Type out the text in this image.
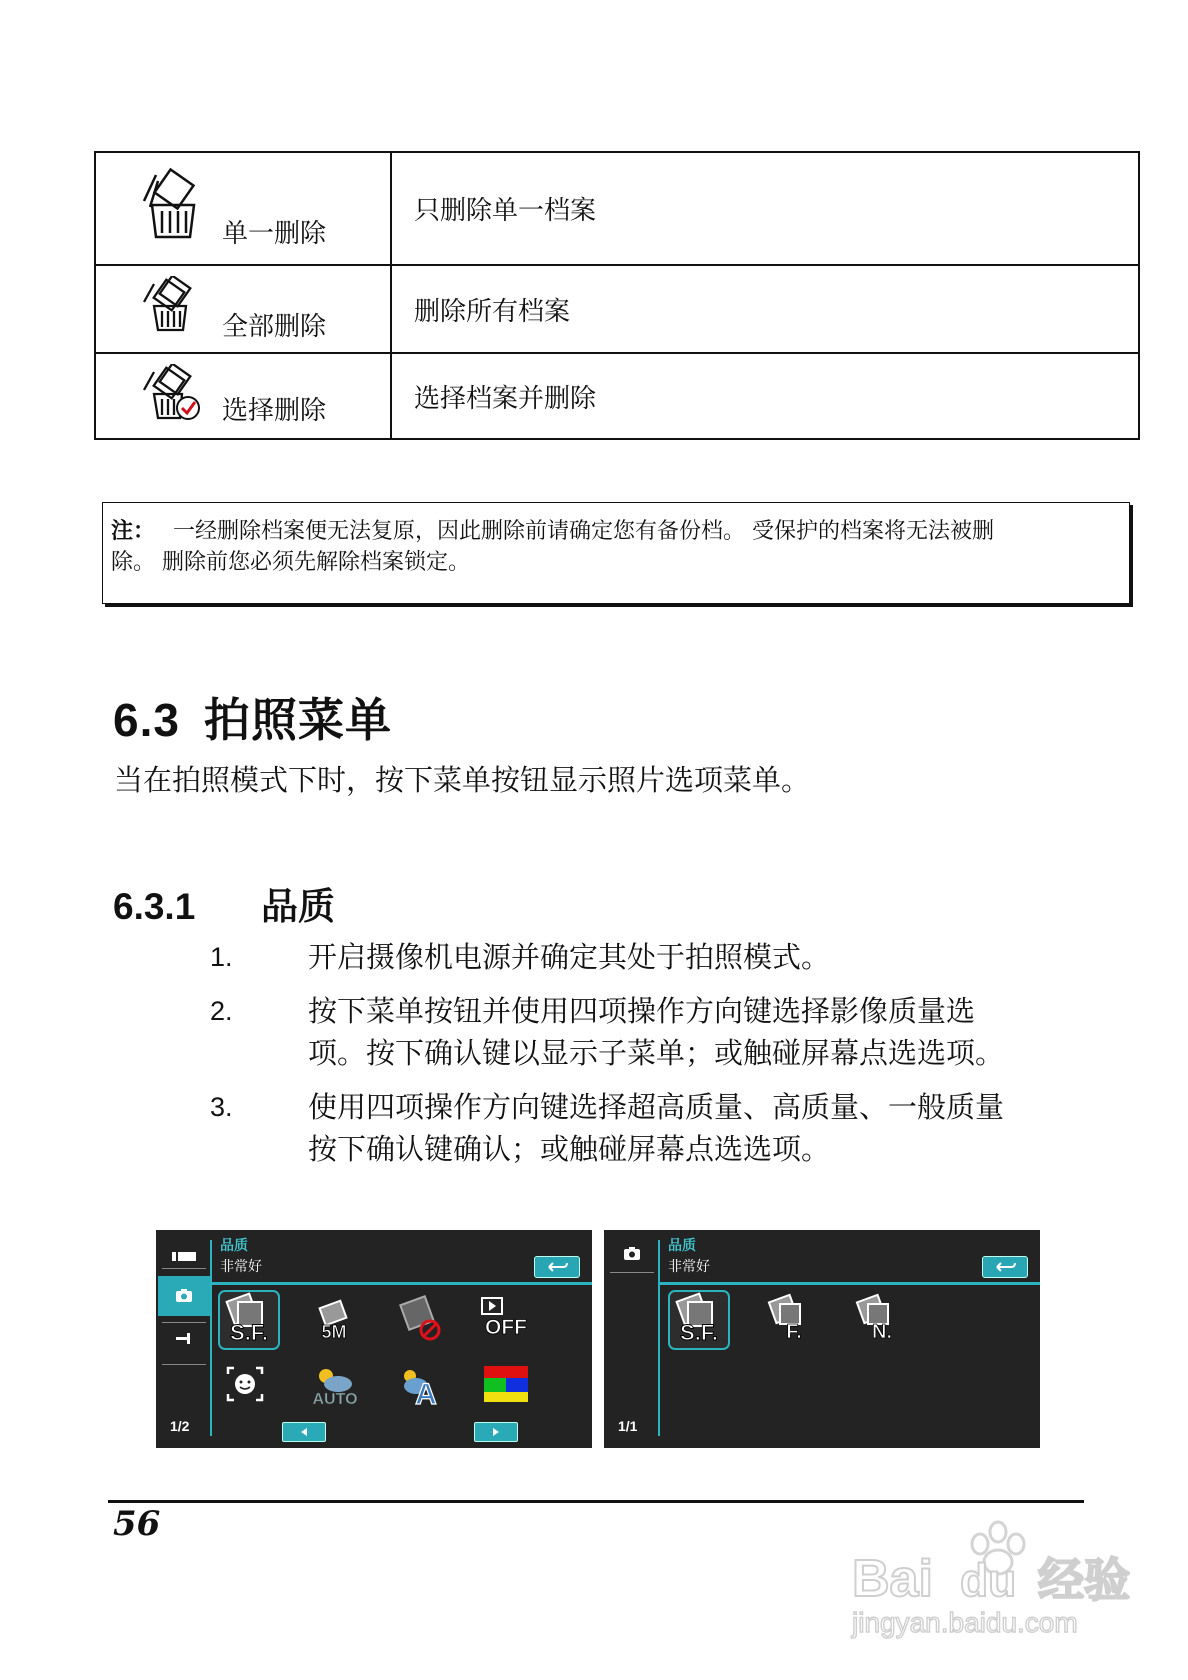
单一删除	只删除单一档案

全部删除	删除所有档案

选择删除	选择档案并删除
注： 一经删除档案便无法复原，因此删除前请确定您有备份档。 受保护的档案将无法被删
除。 删除前您必须先解除档案锁定。
6.3 拍照菜单

当在拍照模式下时，按下菜单按钮显示照片选项菜单。

6.3.1 品质
1.	开启摄像机电源并确定其处于拍照模式。
2.	按下菜单按钮并使用四项操作方向键选择影像质量选
项。按下确认键以显示子菜单；或触碰屏幕点选选项。
3.	使用四项操作方向键选择超高质量、高质量、一般质量
按下确认键确认；或触碰屏幕点选选项。
品质
非常好
S.F.	5M	OFF
AUTO A
1/2
品质
非常好
S.F.	F.	N.
1/1
56
Bai du 经验
jingyan.baidu.com
